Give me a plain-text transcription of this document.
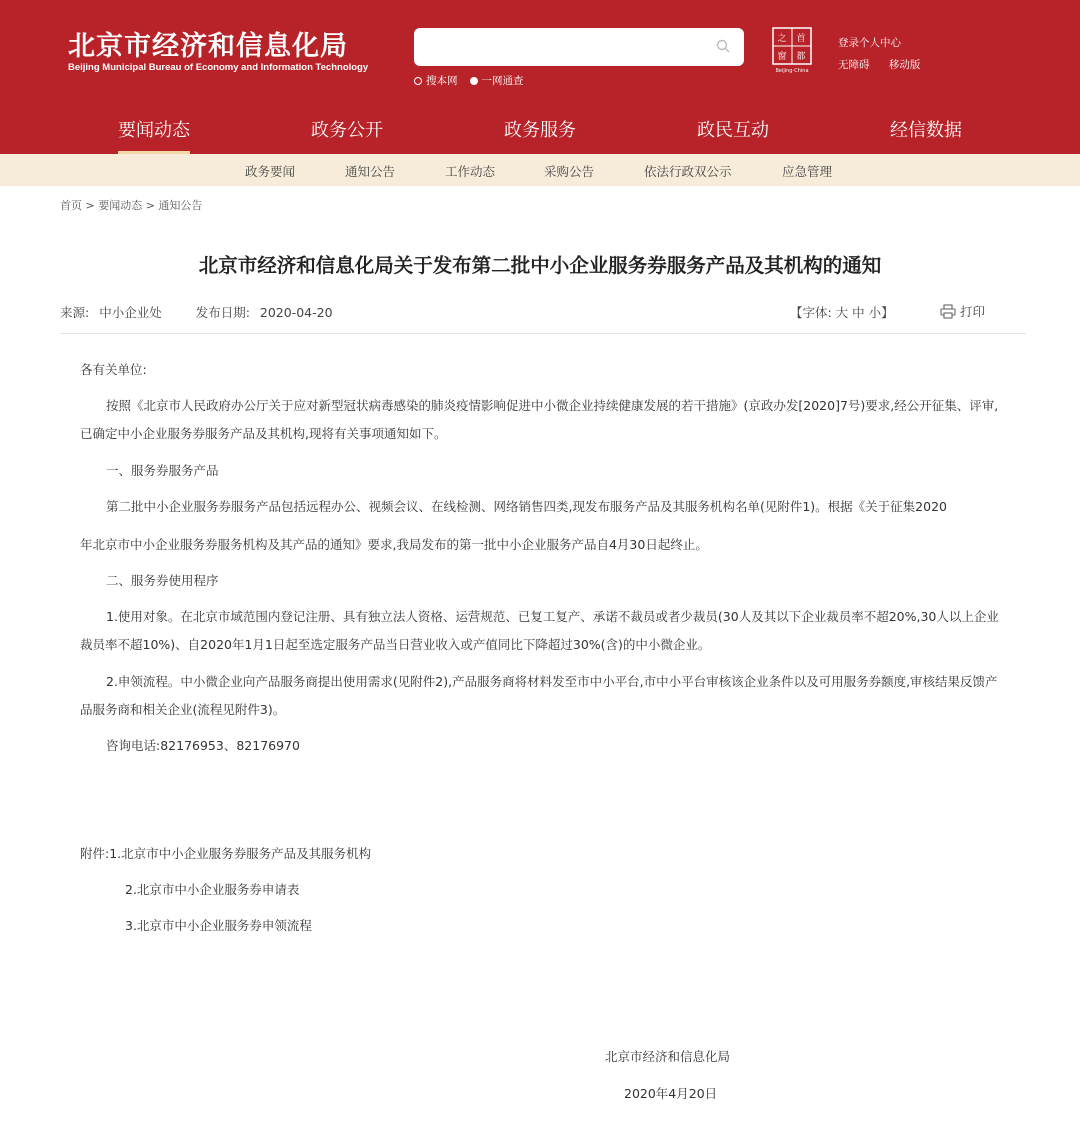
北京市经济和信息化局
Beijing Municipal Bureau of Economy and Information Technology
搜本网 一网通查
之 首
窗 都
Beijing-China
登录个人中心
无障碍 移动版
要闻动态	政务公开	政务服务	政民互动	经信数据
政务要闻	通知公告	工作动态	采购公告	依法行政双公示	应急管理
首页 > 要闻动态 > 通知公告
北京市经济和信息化局关于发布第二批中小企业服务券服务产品及其机构的通知
来源: 中小企业处	发布日期: 2020-04-20	【字体: 大 中 小】	打印
各有关单位:
按照《北京市人民政府办公厅关于应对新型冠状病毒感染的肺炎疫情影响促进中小微企业持续健康发展的若干措施》(京政办发[2020]7号)要求,经公开征集、评审,已确定中小企业服务券服务产品及其机构,现将有关事项通知如下。
一、服务券服务产品
第二批中小企业服务券服务产品包括远程办公、视频会议、在线检测、网络销售四类,现发布服务产品及其服务机构名单(见附件1)。根据《关于征集2020
年北京市中小企业服务券服务机构及其产品的通知》要求,我局发布的第一批中小企业服务产品自4月30日起终止。
二、服务券使用程序
1.使用对象。在北京市域范围内登记注册、具有独立法人资格、运营规范、已复工复产、承诺不裁员或者少裁员(30人及其以下企业裁员率不超20%,30人以上企业裁员率不超10%)、自2020年1月1日起至选定服务产品当日营业收入或产值同比下降超过30%(含)的中小微企业。
2.申领流程。中小微企业向产品服务商提出使用需求(见附件2),产品服务商将材料发至市中小平台,市中小平台审核该企业条件以及可用服务券额度,审核结果反馈产品服务商和相关企业(流程见附件3)。
咨询电话:82176953、82176970
附件:1.北京市中小企业服务券服务产品及其服务机构
2.北京市中小企业服务券申请表
3.北京市中小企业服务券申领流程
北京市经济和信息化局
2020年4月20日
